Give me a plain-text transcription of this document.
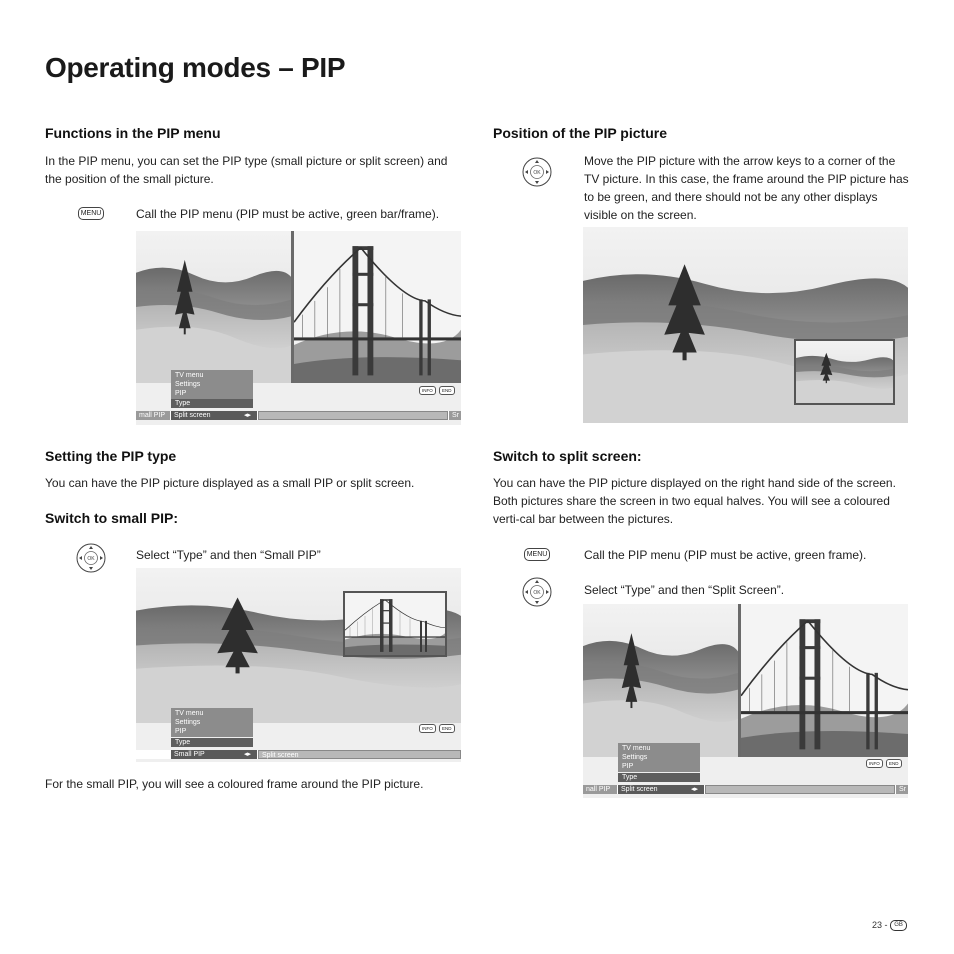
Operating modes – PIP
Functions in the PIP menu
In the PIP menu, you can set the PIP type (small picture or split screen) and the position of the small picture.
MENU	Call the PIP menu (PIP must be active, green bar/frame).
TV menu
Settings
PIP
Type
INFO	END
mall PIP	Split screen	◂▸	Sr
Setting the PIP type
You can have the PIP picture displayed as a small PIP or split screen.
Switch to small PIP:
OK	Select “Type” and then “Small PIP”
TV menu
Settings
PIP
Type
INFO	END
Small PIP	◂▸	Split screen
For the small PIP, you will see a coloured frame around the PIP picture.
Position of the PIP picture
OK
Move the PIP picture with the arrow keys to a corner of the TV picture. In this case, the frame around the PIP picture has to be green, and there should not be any other displays visible on the screen.
Switch to split screen:
You can have the PIP picture displayed on the right hand side of the screen. Both pictures share the screen in two equal halves. You will see a coloured verti-cal bar between the pictures.
MENU	Call the PIP menu (PIP must be active, green frame).
OK	Select “Type” and then “Split Screen”.
TV menu
Settings
PIP
Type
INFO	END
nall PIP	Split screen	◂▸	Sr
23 - GB
